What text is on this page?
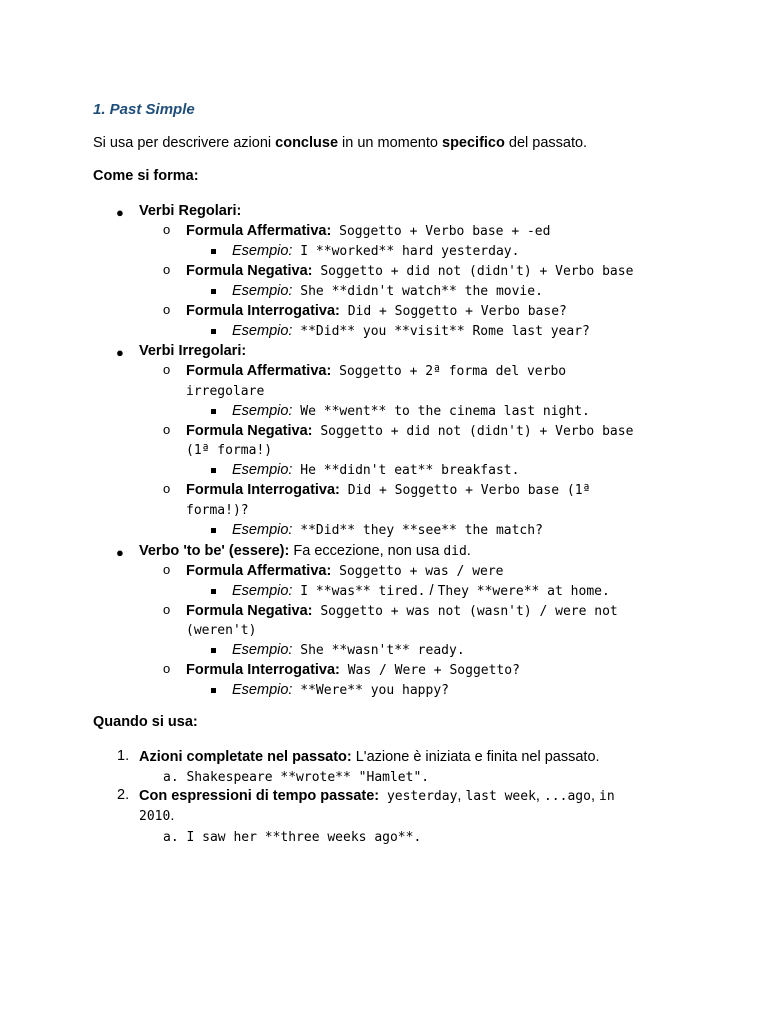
1. Past Simple
Si usa per descrivere azioni concluse in un momento specifico del passato.
Come si forma:
● Verbi Regolari:
o Formula Affermativa: Soggetto + Verbo base + -ed
Esempio: I **worked** hard yesterday.
o Formula Negativa: Soggetto + did not (didn't) + Verbo base
Esempio: She **didn't watch** the movie.
o Formula Interrogativa: Did + Soggetto + Verbo base?
Esempio: **Did** you **visit** Rome last year?
● Verbi Irregolari:
o Formula Affermativa: Soggetto + 2ª forma del verbo
irregolare
Esempio: We **went** to the cinema last night.
o Formula Negativa: Soggetto + did not (didn't) + Verbo base
(1ª forma!)
Esempio: He **didn't eat** breakfast.
o Formula Interrogativa: Did + Soggetto + Verbo base (1ª
forma!)?
Esempio: **Did** they **see** the match?
● Verbo 'to be' (essere): Fa eccezione, non usa did.
o Formula Affermativa: Soggetto + was / were
Esempio: I **was** tired. / They **were** at home.
o Formula Negativa: Soggetto + was not (wasn't) / were not
(weren't)
Esempio: She **wasn't** ready.
o Formula Interrogativa: Was / Were + Soggetto?
Esempio: **Were** you happy?
Quando si usa:
1. Azioni completate nel passato: L'azione è iniziata e finita nel passato.
a. Shakespeare **wrote** "Hamlet".
2. Con espressioni di tempo passate: yesterday, last week, ...ago, in
2010.
a. I saw her **three weeks ago**.
